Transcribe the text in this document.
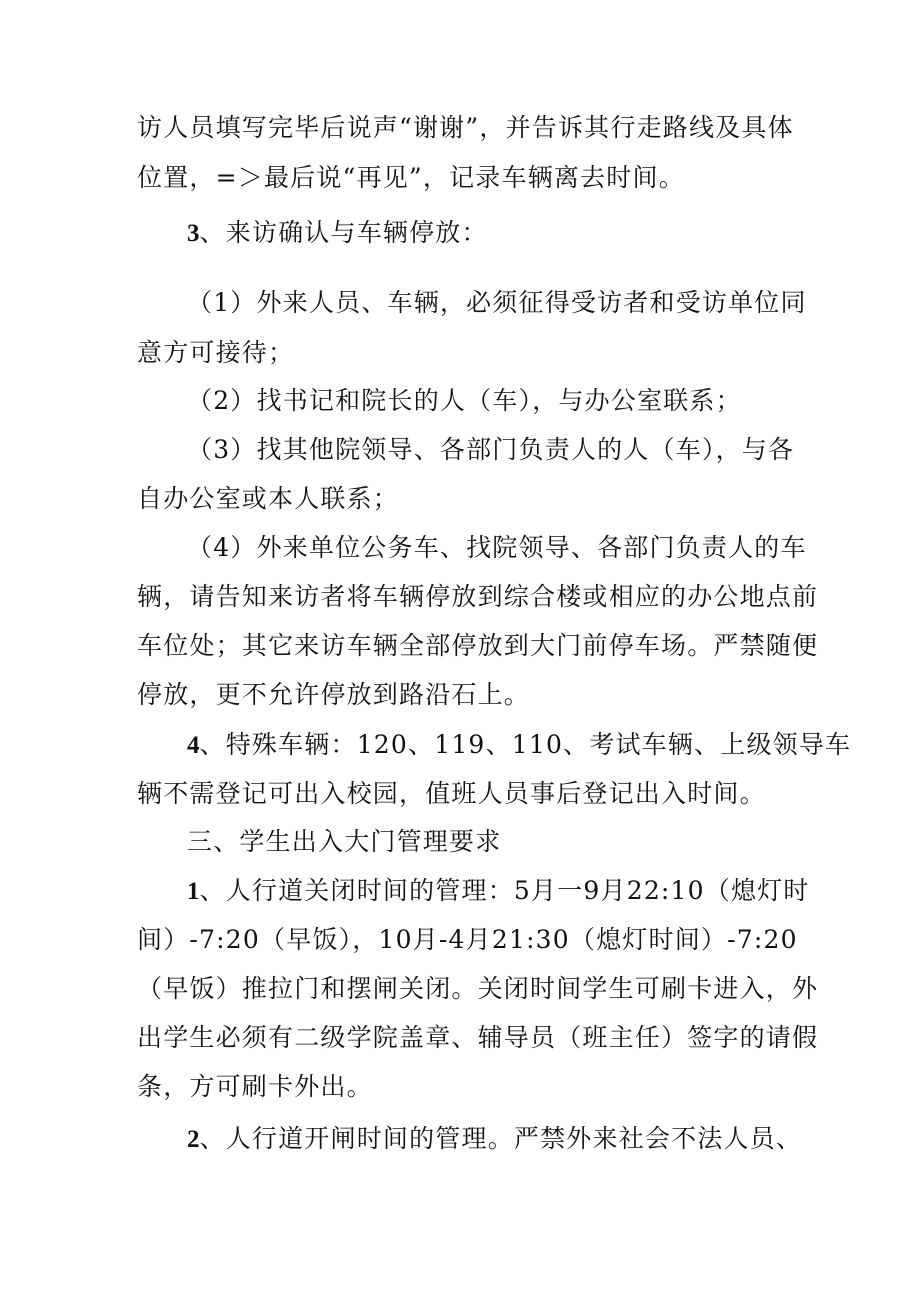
访人员填写完毕后说声“谢谢”，并告诉其行走路线及具体
位置，=＞最后说“再见”，记录车辆离去时间。
3、来访确认与车辆停放：
（1）外来人员、车辆，必须征得受访者和受访单位同
意方可接待；
（2）找书记和院长的人（车），与办公室联系；
（3）找其他院领导、各部门负责人的人（车），与各
自办公室或本人联系；
（4）外来单位公务车、找院领导、各部门负责人的车
辆，请告知来访者将车辆停放到综合楼或相应的办公地点前
车位处；其它来访车辆全部停放到大门前停车场。严禁随便
停放，更不允许停放到路沿石上。
4、特殊车辆：120、119、110、考试车辆、上级领导车
辆不需登记可出入校园，值班人员事后登记出入时间。
三、学生出入大门管理要求
1、人行道关闭时间的管理：5月一9月22:10（熄灯时
间）-7:20（早饭），10月-4月21:30（熄灯时间）-7:20
（早饭）推拉门和摆闸关闭。关闭时间学生可刷卡进入，外
出学生必须有二级学院盖章、辅导员（班主任）签字的请假
条，方可刷卡外出。
2、人行道开闸时间的管理。严禁外来社会不法人员、
